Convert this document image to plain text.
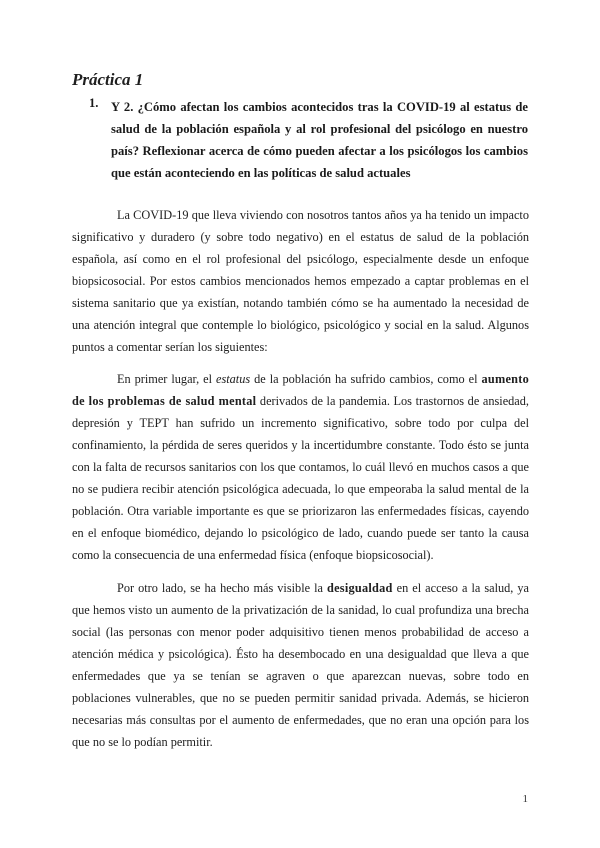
Práctica 1
1. Y 2. ¿Cómo afectan los cambios acontecidos tras la COVID-19 al estatus de salud de la población española y al rol profesional del psicólogo en nuestro país? Reflexionar acerca de cómo pueden afectar a los psicólogos los cambios que están aconteciendo en las políticas de salud actuales

La COVID-19 que lleva viviendo con nosotros tantos años ya ha tenido un impacto significativo y duradero (y sobre todo negativo) en el estatus de salud de la población española, así como en el rol profesional del psicólogo, especialmente desde un enfoque biopsicosocial. Por estos cambios mencionados hemos empezado a captar problemas en el sistema sanitario que ya existían, notando también cómo se ha aumentado la necesidad de una atención integral que contemple lo biológico, psicológico y social en la salud. Algunos puntos a comentar serían los siguientes:

En primer lugar, el estatus de la población ha sufrido cambios, como el aumento de los problemas de salud mental derivados de la pandemia. Los trastornos de ansiedad, depresión y TEPT han sufrido un incremento significativo, sobre todo por culpa del confinamiento, la pérdida de seres queridos y la incertidumbre constante. Todo ésto se junta con la falta de recursos sanitarios con los que contamos, lo cuál llevó en muchos casos a que no se pudiera recibir atención psicológica adecuada, lo que empeoraba la salud mental de la población. Otra variable importante es que se priorizaron las enfermedades físicas, cayendo en el enfoque biomédico, dejando lo psicológico de lado, cuando puede ser tanto la causa como la consecuencia de una enfermedad física (enfoque biopsicosocial).

Por otro lado, se ha hecho más visible la desigualdad en el acceso a la salud, ya que hemos visto un aumento de la privatización de la sanidad, lo cual profundiza una brecha social (las personas con menor poder adquisitivo tienen menos probabilidad de acceso a atención médica y psicológica). Ésto ha desembocado en una desigualdad que lleva a que enfermedades que ya se tenían se agraven o que aparezcan nuevas, sobre todo en poblaciones vulnerables, que no se pueden permitir sanidad privada. Además, se hicieron necesarias más consultas por el aumento de enfermedades, que no eran una opción para los que no se lo podían permitir.

1
